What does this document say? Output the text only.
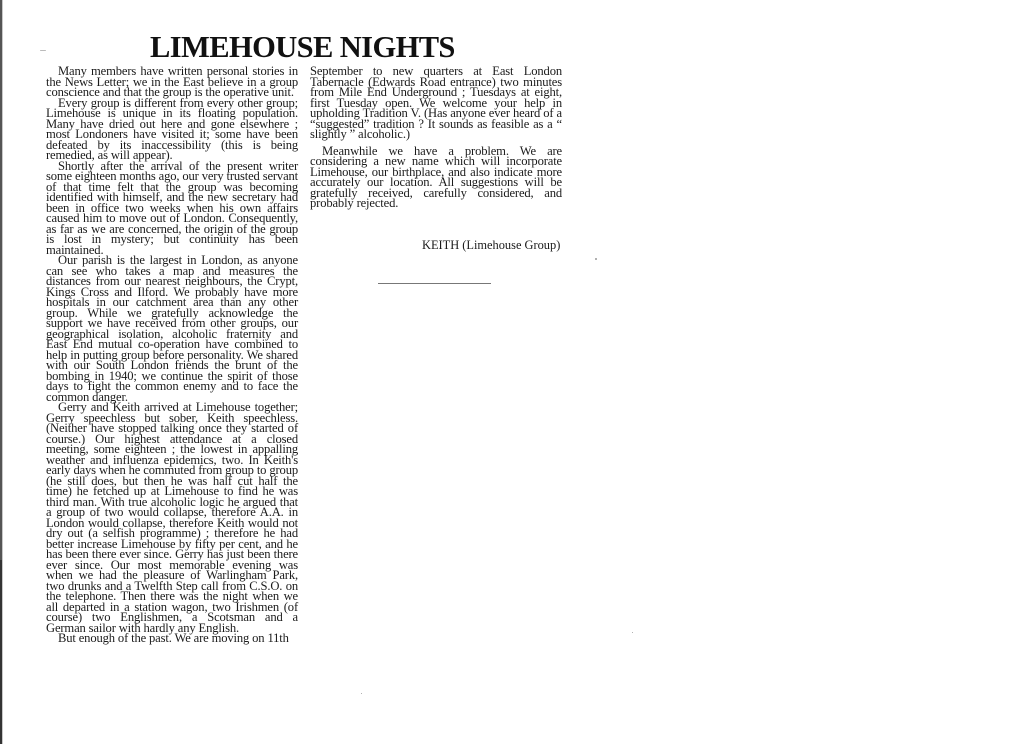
LIMEHOUSE NIGHTS

Many members have written personal stories in the News Letter; we in the East believe in a group conscience and that the group is the operative unit.

Every group is different from every other group; Limehouse is unique in its floating population. Many have dried out here and gone elsewhere ; most Londoners have visited it; some have been defeated by its inaccessibility (this is being remedied, as will appear).

Shortly after the arrival of the present writer some eighteen months ago, our very trusted servant of that time felt that the group was becoming identified with himself, and the new secretary had been in office two weeks when his own affairs caused him to move out of London. Consequently, as far as we are concerned, the origin of the group is lost in mystery; but continuity has been maintained.

Our parish is the largest in London, as anyone can see who takes a map and measures the distances from our nearest neighbours, the Crypt, Kings Cross and Ilford. We probably have more hospitals in our catchment area than any other group. While we gratefully acknowledge the support we have received from other groups, our geographical isolation, alcoholic fraternity and East End mutual co-operation have combined to help in putting group before personality. We shared with our South London friends the brunt of the bombing in 1940; we continue the spirit of those days to fight the common enemy and to face the common danger.

Gerry and Keith arrived at Limehouse together; Gerry speechless but sober, Keith speechless. (Neither have stopped talking once they started of course.) Our highest attendance at a closed meeting, some eighteen ; the lowest in appalling weather and influenza epidemics, two. In Keith's early days when he commuted from group to group (he still does, but then he was half cut half the time) he fetched up at Limehouse to find he was third man. With true alcoholic logic he argued that a group of two would collapse, therefore A.A. in London would collapse, therefore Keith would not dry out (a selfish programme) ; therefore he had better increase Limehouse by fifty per cent, and he has been there ever since. Gerry has just been there ever since. Our most memorable evening was when we had the pleasure of Warlingham Park, two drunks and a Twelfth Step call from C.S.O. on the telephone. Then there was the night when we all departed in a station wagon, two Irishmen (of course) two Englishmen, a Scotsman and a German sailor with hardly any English.

But enough of the past. We are moving on 11th

September to new quarters at East London Tabernacle (Edwards Road entrance) two minutes from Mile End Underground ; Tuesdays at eight, first Tuesday open. We welcome your help in upholding Tradition V. (Has anyone ever heard of a “suggested” tradition ? It sounds as feasible as a “ slightly ” alcoholic.)

Meanwhile we have a problem. We are considering a new name which will incorporate Limehouse, our birthplace, and also indicate more accurately our location. All suggestions will be gratefully received, carefully considered, and probably rejected.

KEITH (Limehouse Group)
